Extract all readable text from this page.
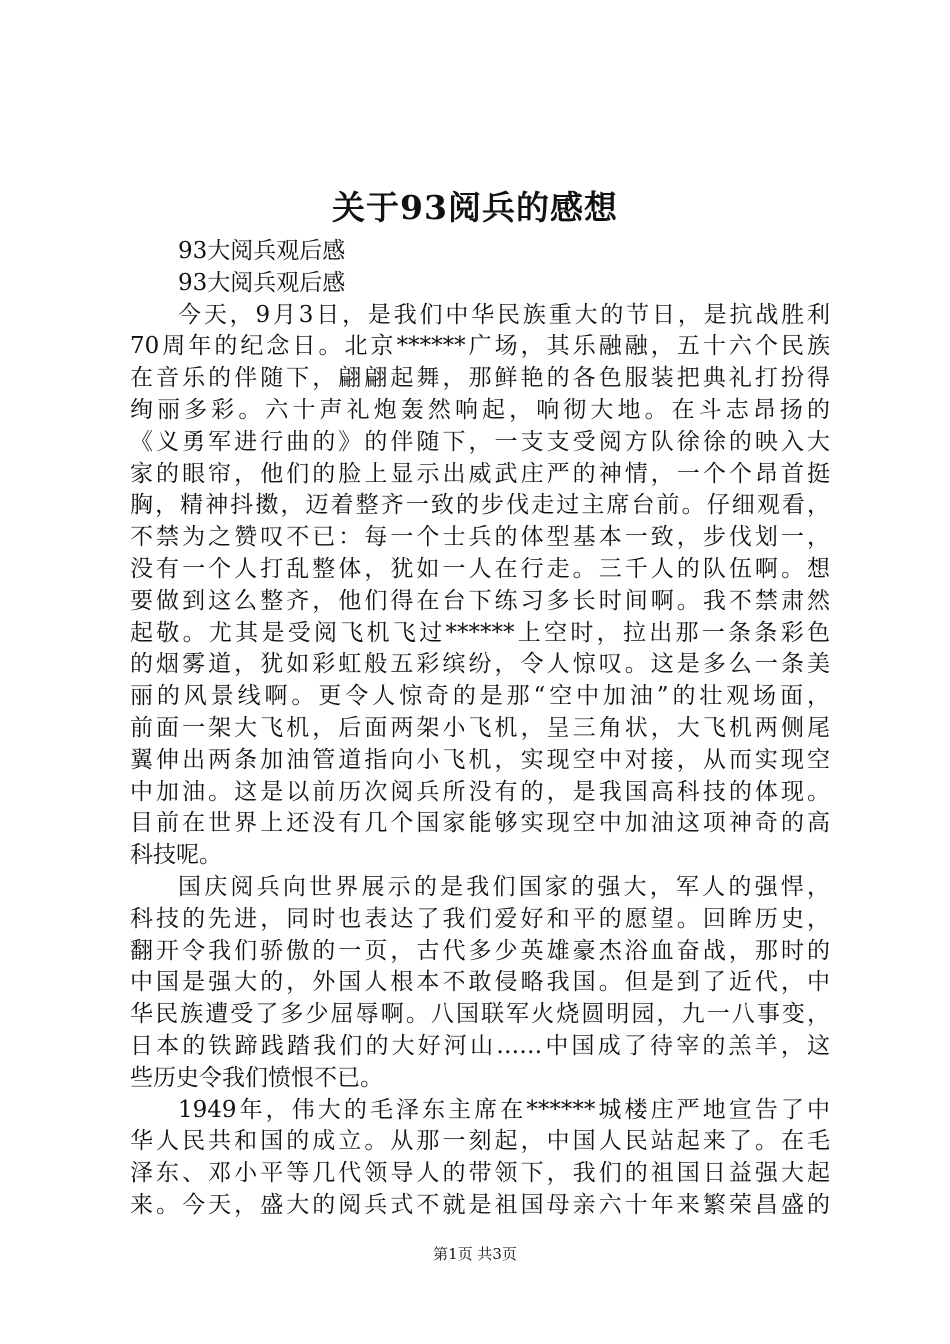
关于93阅兵的感想
93大阅兵观后感
93大阅兵观后感
今天，9月3日，是我们中华民族重大的节日，是抗战胜利
70周年的纪念日。北京******广场，其乐融融，五十六个民族
在音乐的伴随下，翩翩起舞，那鲜艳的各色服装把典礼打扮得
绚丽多彩。六十声礼炮轰然响起，响彻大地。在斗志昂扬的
《义勇军进行曲的》的伴随下，一支支受阅方队徐徐的映入大
家的眼帘，他们的脸上显示出威武庄严的神情，一个个昂首挺
胸，精神抖擞，迈着整齐一致的步伐走过主席台前。仔细观看，
不禁为之赞叹不已：每一个士兵的体型基本一致，步伐划一，
没有一个人打乱整体，犹如一人在行走。三千人的队伍啊。想
要做到这么整齐，他们得在台下练习多长时间啊。我不禁肃然
起敬。尤其是受阅飞机飞过******上空时，拉出那一条条彩色
的烟雾道，犹如彩虹般五彩缤纷，令人惊叹。这是多么一条美
丽的风景线啊。更令人惊奇的是那“空中加油”的壮观场面，
前面一架大飞机，后面两架小飞机，呈三角状，大飞机两侧尾
翼伸出两条加油管道指向小飞机，实现空中对接，从而实现空
中加油。这是以前历次阅兵所没有的，是我国高科技的体现。
目前在世界上还没有几个国家能够实现空中加油这项神奇的高
科技呢。
国庆阅兵向世界展示的是我们国家的强大，军人的强悍，
科技的先进，同时也表达了我们爱好和平的愿望。回眸历史，
翻开令我们骄傲的一页，古代多少英雄豪杰浴血奋战，那时的
中国是强大的，外国人根本不敢侵略我国。但是到了近代，中
华民族遭受了多少屈辱啊。八国联军火烧圆明园，九一八事变，
日本的铁蹄践踏我们的大好河山……中国成了待宰的羔羊，这
些历史令我们愤恨不已。
1949年，伟大的毛泽东主席在******城楼庄严地宣告了中
华人民共和国的成立。从那一刻起，中国人民站起来了。在毛
泽东、邓小平等几代领导人的带领下，我们的祖国日益强大起
来。今天，盛大的阅兵式不就是祖国母亲六十年来繁荣昌盛的
第1页 共3页
